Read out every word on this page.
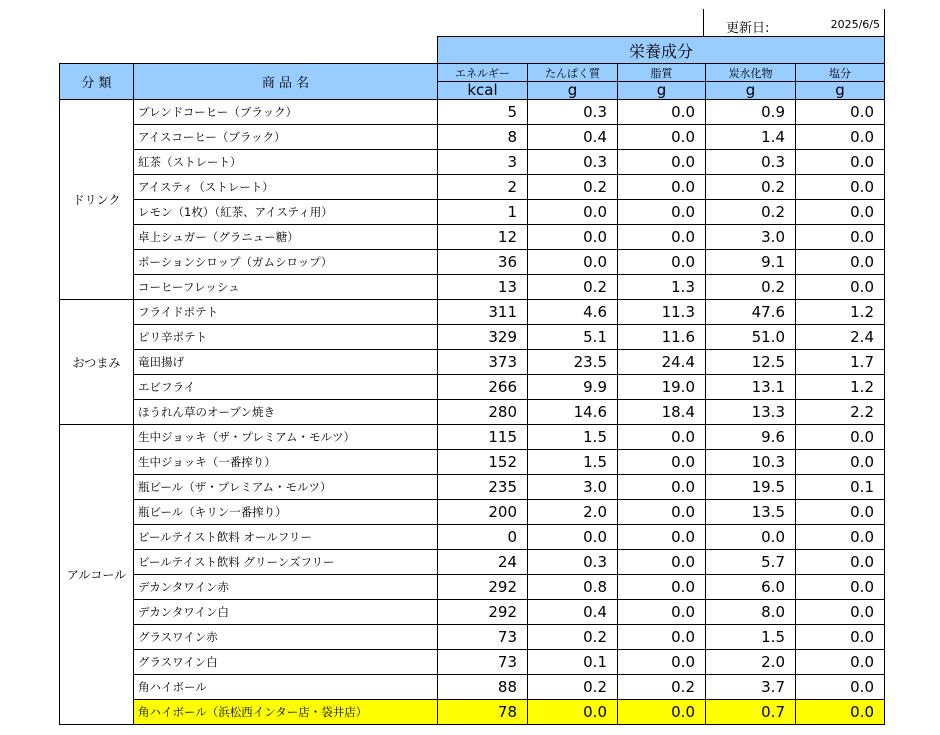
更新日:	2025/6/5
		栄養成分				
分 類	商 品 名	エネルギー	たんぱく質	脂質	炭水化物	塩分
		kcal	g	g	g	g
ドリンク	ブレンドコーヒー（ブラック）	5	0.3	0.0	0.9	0.0
	アイスコーヒー（ブラック）	8	0.4	0.0	1.4	0.0
	紅茶（ストレート）	3	0.3	0.0	0.3	0.0
	アイスティ（ストレート）	2	0.2	0.0	0.2	0.0
	レモン（1枚）（紅茶、アイスティ用）	1	0.0	0.0	0.2	0.0
	卓上シュガー（グラニュー糖）	12	0.0	0.0	3.0	0.0
	ポーションシロップ（ガムシロップ）	36	0.0	0.0	9.1	0.0
	コーヒーフレッシュ	13	0.2	1.3	0.2	0.0
おつまみ	フライドポテト	311	4.6	11.3	47.6	1.2
	ピリ辛ポテト	329	5.1	11.6	51.0	2.4
	竜田揚げ	373	23.5	24.4	12.5	1.7
	エビフライ	266	9.9	19.0	13.1	1.2
	ほうれん草のオーブン焼き	280	14.6	18.4	13.3	2.2
アルコール	生中ジョッキ（ザ・プレミアム・モルツ）	115	1.5	0.0	9.6	0.0
	生中ジョッキ（一番搾り）	152	1.5	0.0	10.3	0.0
	瓶ビール（ザ・プレミアム・モルツ）	235	3.0	0.0	19.5	0.1
	瓶ビール（キリン一番搾り）	200	2.0	0.0	13.5	0.0
	ビールテイスト飲料 オールフリー	0	0.0	0.0	0.0	0.0
	ビールテイスト飲料 グリーンズフリー	24	0.3	0.0	5.7	0.0
	デカンタワイン赤	292	0.8	0.0	6.0	0.0
	デカンタワイン白	292	0.4	0.0	8.0	0.0
	グラスワイン赤	73	0.2	0.0	1.5	0.0
	グラスワイン白	73	0.1	0.0	2.0	0.0
	角ハイボール	88	0.2	0.2	3.7	0.0
	角ハイボール（浜松西インター店・袋井店）	78	0.0	0.0	0.7	0.0
